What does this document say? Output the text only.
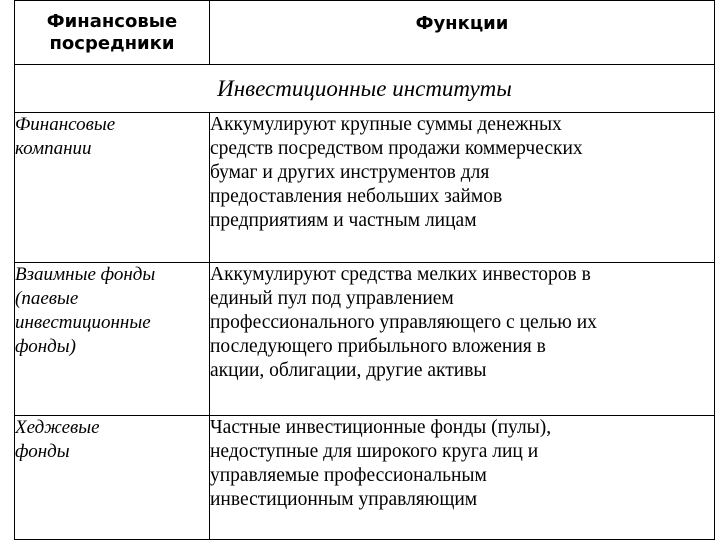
Финансовые
посредники	Функции

Инвестиционные институты	

Финансовые
компании	Аккумулируют крупные суммы денежных
средств посредством продажи коммерческих
бумаг и других инструментов для
предоставления небольших займов
предприятиям и частным лицам

Взаимные фонды
(паевые
инвестиционные
фонды)	Аккумулируют средства мелких инвесторов в
единый пул под управлением
профессионального управляющего с целью их
последующего прибыльного вложения в
акции, облигации, другие активы

Хеджевые
фонды	Частные инвестиционные фонды (пулы),
недоступные для широкого круга лиц и
управляемые профессиональным
инвестиционным управляющим
